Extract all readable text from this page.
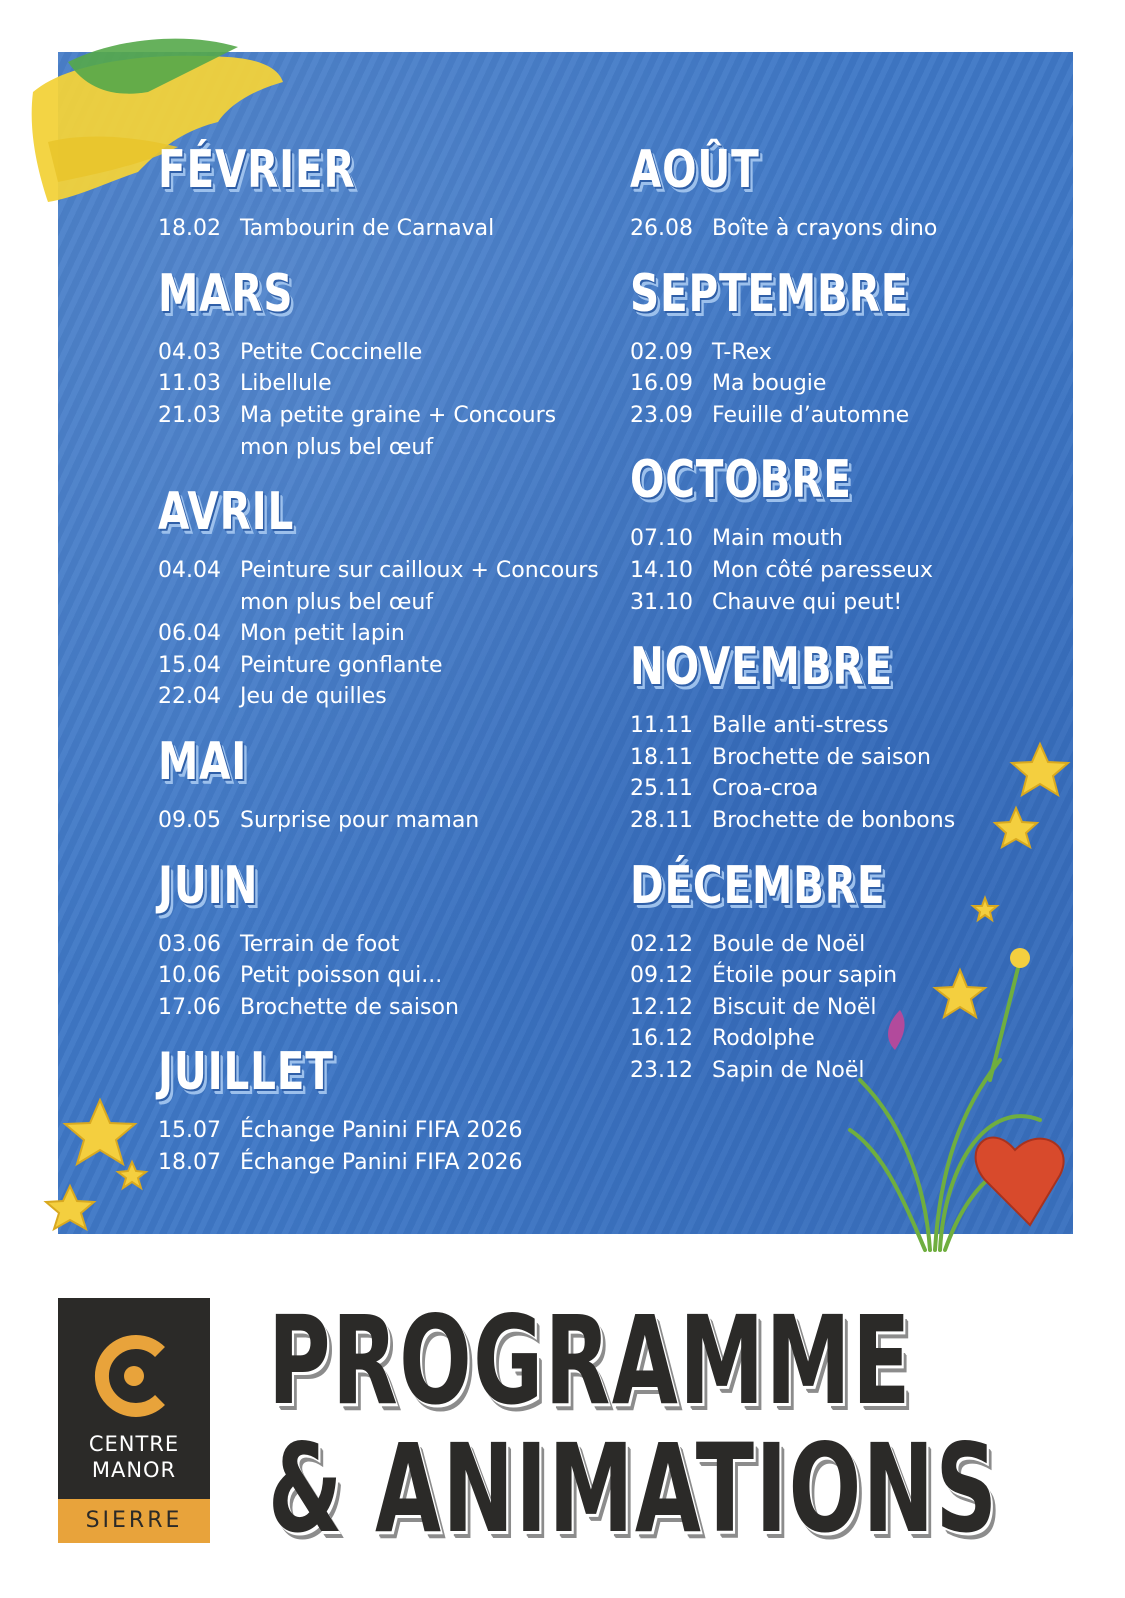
FÉVRIER
18.02 Tambourin de Carnaval
MARS
04.03 Petite Coccinelle
11.03 Libellule
21.03 Ma petite graine + Concours
mon plus bel œuf
AVRIL
04.04 Peinture sur cailloux + Concours
mon plus bel œuf
06.04 Mon petit lapin
15.04 Peinture gonflante
22.04 Jeu de quilles
MAI
09.05 Surprise pour maman
JUIN
03.06 Terrain de foot
10.06 Petit poisson qui...
17.06 Brochette de saison
JUILLET
15.07 Échange Panini FIFA 2026
18.07 Échange Panini FIFA 2026
AOÛT
26.08 Boîte à crayons dino
SEPTEMBRE
02.09 T-Rex
16.09 Ma bougie
23.09 Feuille d’automne
OCTOBRE
07.10 Main mouth
14.10 Mon côté paresseux
31.10 Chauve qui peut!
NOVEMBRE
11.11 Balle anti-stress
18.11 Brochette de saison
25.11 Croa-croa
28.11 Brochette de bonbons
DÉCEMBRE
02.12 Boule de Noël
09.12 Étoile pour sapin
12.12 Biscuit de Noël
16.12 Rodolphe
23.12 Sapin de Noël
CENTRE
MANOR
SIERRE
PROGRAMME
& ANIMATIONS
